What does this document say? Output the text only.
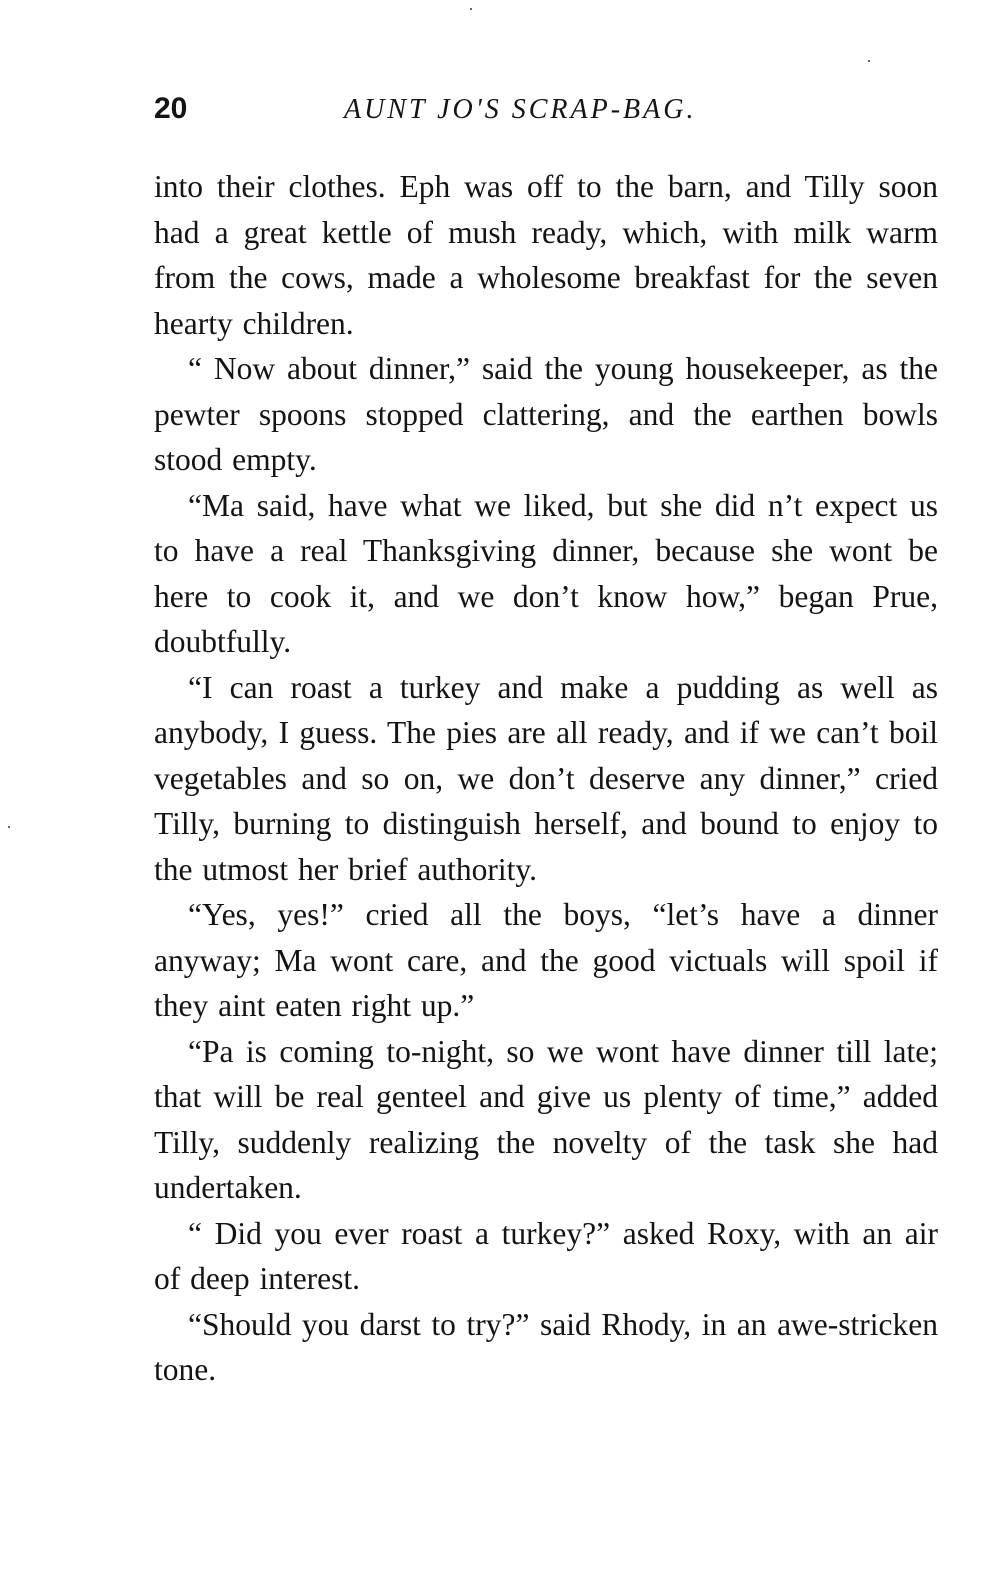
20	AUNT JO'S SCRAP-BAG.

into their clothes. Eph was off to the barn, and Tilly soon had a great kettle of mush ready, which, with milk warm from the cows, made a wholesome breakfast for the seven hearty children.

“ Now about dinner,” said the young housekeeper, as the pewter spoons stopped clattering, and the earthen bowls stood empty.

“Ma said, have what we liked, but she did n’t expect us to have a real Thanksgiving dinner, because she wont be here to cook it, and we don’t know how,” began Prue, doubtfully.

“I can roast a turkey and make a pudding as well as anybody, I guess. The pies are all ready, and if we can’t boil vegetables and so on, we don’t deserve any dinner,” cried Tilly, burning to distinguish herself, and bound to enjoy to the utmost her brief authority.

“Yes, yes!” cried all the boys, “let’s have a dinner anyway; Ma wont care, and the good victuals will spoil if they aint eaten right up.”

“Pa is coming to-night, so we wont have dinner till late; that will be real genteel and give us plenty of time,” added Tilly, suddenly realizing the novelty of the task she had undertaken.

“ Did you ever roast a turkey?” asked Roxy, with an air of deep interest.

“Should you darst to try?” said Rhody, in an awe-stricken tone.
